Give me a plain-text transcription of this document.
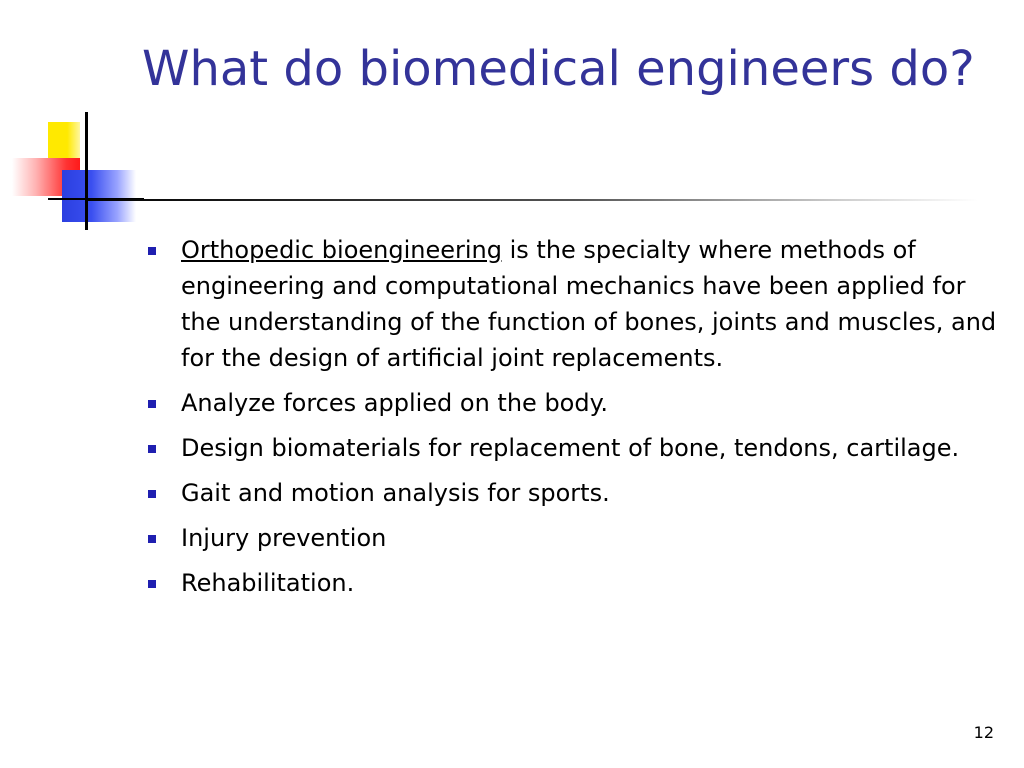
What do biomedical engineers do?
Orthopedic bioengineering is the specialty where methods of engineering and computational mechanics have been applied for the understanding of the function of bones, joints and muscles, and for the design of artificial joint replacements.
Analyze forces applied on the body.
Design biomaterials for replacement of bone, tendons, cartilage.
Gait and motion analysis for sports.
Injury prevention
Rehabilitation.
12
